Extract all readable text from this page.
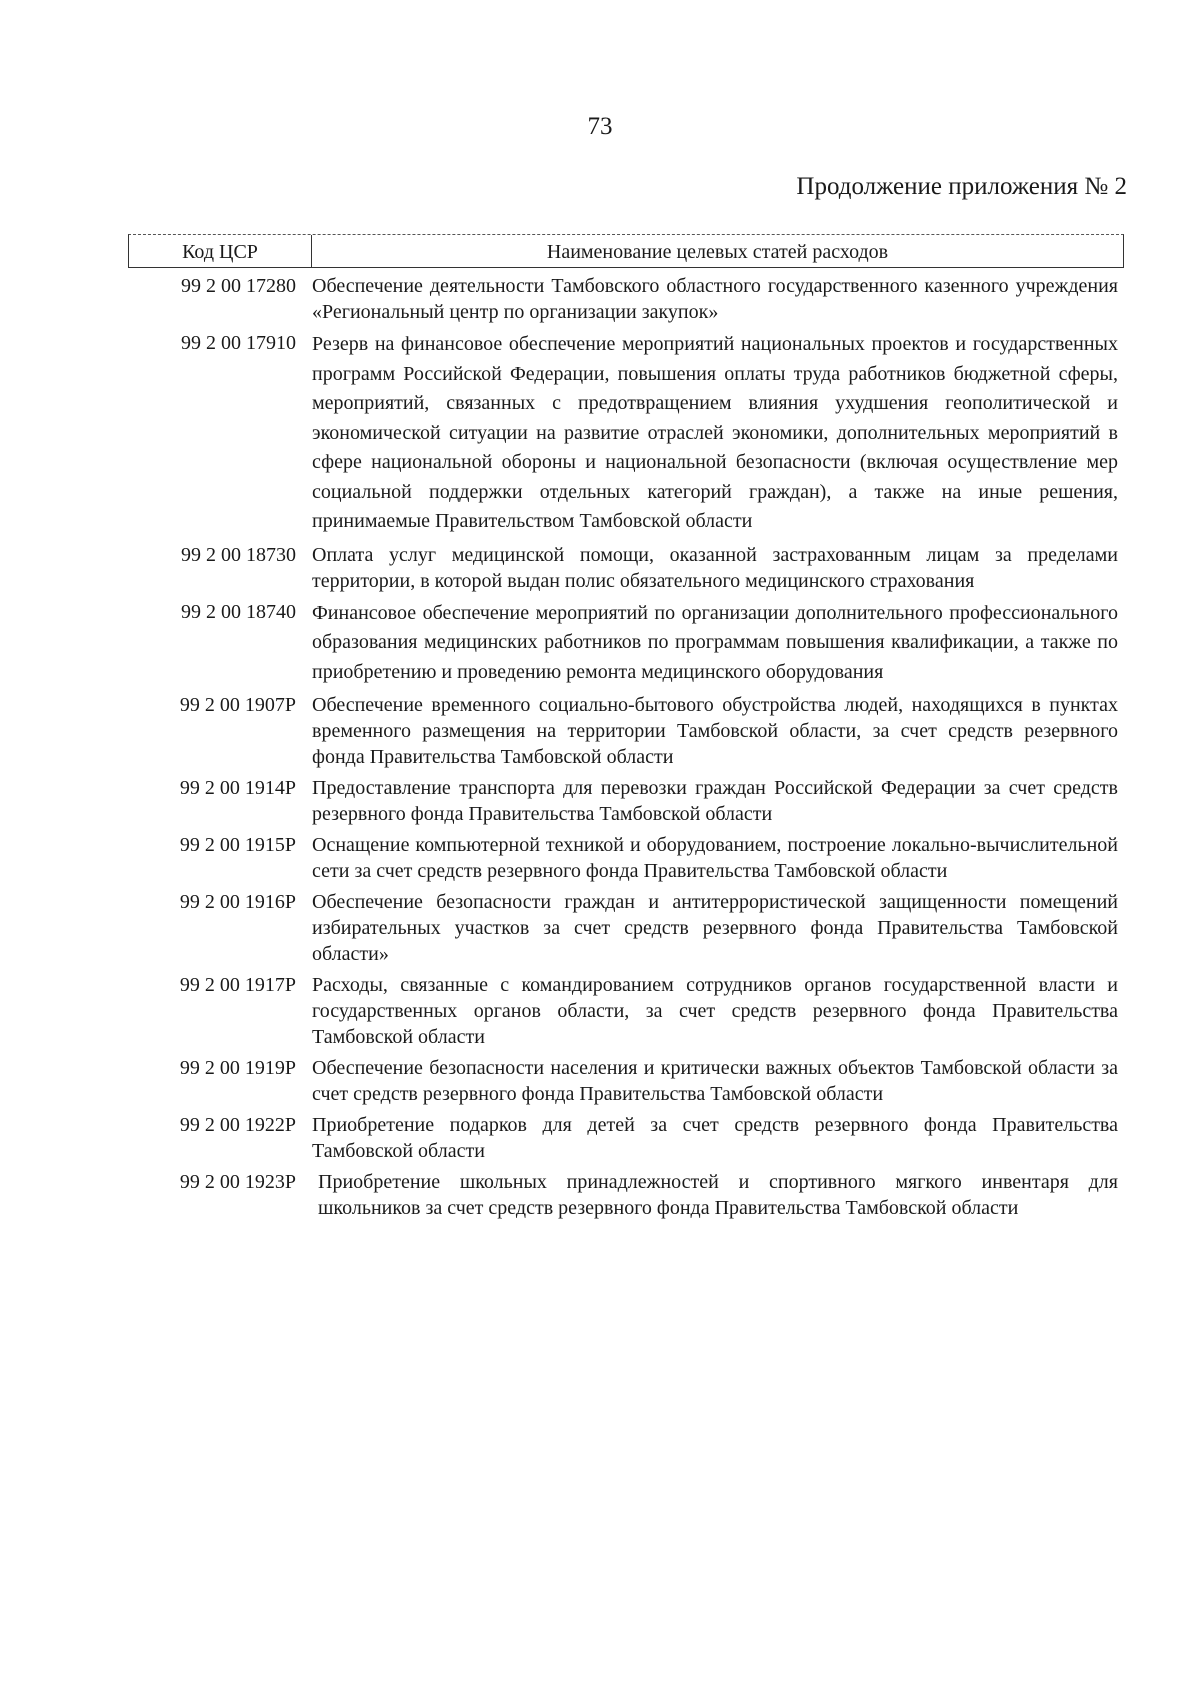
73
Продолжение приложения № 2
Код ЦСР	Наименование целевых статей расходов
99 2 00 17280 Обеспечение деятельности Тамбовского областного государственного казенного учреждения «Региональный центр по организации закупок»
99 2 00 17910 Резерв на финансовое обеспечение мероприятий национальных проектов и государственных программ Российской Федерации, повышения оплаты труда работников бюджетной сферы, мероприятий, связанных с предотвращением влияния ухудшения геополитической и экономической ситуации на развитие отраслей экономики, дополнительных мероприятий в сфере национальной обороны и национальной безопасности (включая осуществление мер социальной поддержки отдельных категорий граждан), а также на иные решения, принимаемые Правительством Тамбовской области
99 2 00 18730 Оплата услуг медицинской помощи, оказанной застрахованным лицам за пределами территории, в которой выдан полис обязательного медицинского страхования
99 2 00 18740 Финансовое обеспечение мероприятий по организации дополнительного профессионального образования медицинских работников по программам повышения квалификации, а также по приобретению и проведению ремонта медицинского оборудования
99 2 00 1907Р Обеспечение временного социально-бытового обустройства людей, находящихся в пунктах временного размещения на территории Тамбовской области, за счет средств резервного фонда Правительства Тамбовской области
99 2 00 1914Р Предоставление транспорта для перевозки граждан Российской Федерации за счет средств резервного фонда Правительства Тамбовской области
99 2 00 1915Р Оснащение компьютерной техникой и оборудованием, построение локально-вычислительной сети за счет средств резервного фонда Правительства Тамбовской области
99 2 00 1916Р Обеспечение безопасности граждан и антитеррористической защищенности помещений избирательных участков за счет средств резервного фонда Правительства Тамбовской области»
99 2 00 1917Р Расходы, связанные с командированием сотрудников органов государственной власти и государственных органов области, за счет средств резервного фонда Правительства Тамбовской области
99 2 00 1919Р Обеспечение безопасности населения и критически важных объектов Тамбовской области за счет средств резервного фонда Правительства Тамбовской области
99 2 00 1922Р Приобретение подарков для детей за счет средств резервного фонда Правительства Тамбовской области
99 2 00 1923Р	Приобретение школьных принадлежностей и спортивного мягкого инвентаря для школьников за счет средств резервного фонда Правительства Тамбовской области
